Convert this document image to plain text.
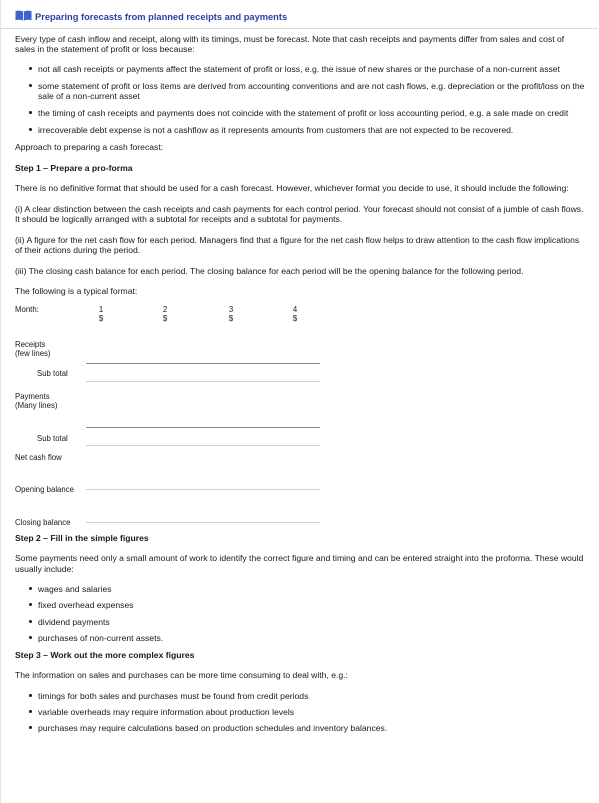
Preparing forecasts from planned receipts and payments

Every type of cash inflow and receipt, along with its timings, must be forecast. Note that cash receipts and payments differ from sales and cost of sales in the statement of profit or loss because:

not all cash receipts or payments affect the statement of profit or loss, e.g. the issue of new shares or the purchase of a non-current asset
some statement of profit or loss items are derived from accounting conventions and are not cash flows, e.g. depreciation or the profit/loss on the sale of a non-current asset
the timing of cash receipts and payments does not coincide with the statement of profit or loss accounting period, e.g. a sale made on credit
irrecoverable debt expense is not a cashflow as it represents amounts from customers that are not expected to be recovered.

Approach to preparing a cash forecast:

Step 1 – Prepare a pro-forma

There is no definitive format that should be used for a cash forecast. However, whichever format you decide to use, it should include the following:

(i) A clear distinction between the cash receipts and cash payments for each control period. Your forecast should not consist of a jumble of cash flows. It should be logically arranged with a subtotal for receipts and a subtotal for payments.

(ii) A figure for the net cash flow for each period. Managers find that a figure for the net cash flow helps to draw attention to the cash flow implications of their actions during the period.

(iii) The closing cash balance for each period. The closing balance for each period will be the opening balance for the following period.

The following is a typical format:

Month:	1
$
2
$
3
$
4
$
Receipts
(few lines)
Sub total
Payments
(Many lines)
Sub total
Net cash flow
Opening balance
Closing balance

Step 2 – Fill in the simple figures

Some payments need only a small amount of work to identify the correct figure and timing and can be entered straight into the proforma. These would usually include:

wages and salaries
fixed overhead expenses
dividend payments
purchases of non-current assets.

Step 3 – Work out the more complex figures

The information on sales and purchases can be more time consuming to deal with, e.g.:

timings for both sales and purchases must be found from credit periods
variable overheads may require information about production levels
purchases may require calculations based on production schedules and inventory balances.
